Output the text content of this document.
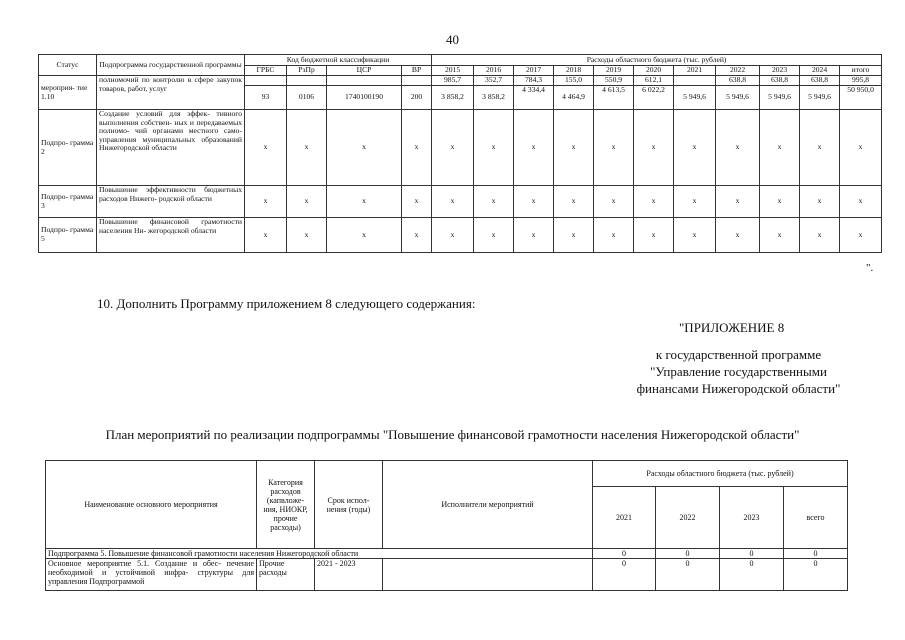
40
Статус	Подпрограмма государственной программы	Код бюджетной классификации				Расходы областного бюджета (тыс. рублей)										
		ГРБС	РзПр	ЦСР	ВР	2015	2016	2017	2018	2019	2020	2021	2022	2023	2024	итого
мероприя- тие 1.10	полномочий по контролю в сфере закупок товаров, работ, услуг					985,7	352,7	784,3	155,0	550,9	612,1		638,8	638,8	638,8	995,8
		93	0106	1740100190	200	3 858,2	3 858,2	4 334,4	4 464,9	4 613,5	6 022,2	5 949,6	5 949,6	5 949,6	5 949,6	50 950,0
Подпро- грамма 2	Создание условий для эффек- тивного выполнения собствен- ных и передаваемых полномо- чий органами местного само- управления муниципальных образований Нижегородской области	x	x	x	x	x	x	x	x	x	x	x	x	x	x	x
Подпро- грамма 3	Повышение эффективности бюджетных расходов Нижего- родской области	x	x	x	x	x	x	x	x	x	x	x	x	x	x	x
Подпро- грамма 5	Повышение финансовой грамотности населения Ни- жегородской области	x	x	x	x	x	x	x	x	x	x	x	x	x	x	x
".
10. Дополнить Программу приложением 8 следующего содержания:
"ПРИЛОЖЕНИЕ 8
к государственной программе
"Управление государственными
финансами Нижегородской области"
План мероприятий по реализации подпрограммы "Повышение финансовой грамотности населения Нижегородской области"
Наименование основного мероприятия	Категория расходов (капвложе- ния, НИОКР, прочие расходы)	Срок испол- нения (годы)	Исполнители мероприятий	Расходы областного бюджета (тыс. рублей)			
				2021	2022	2023	всего
Подпрограмма 5. Повышение финансовой грамотности населения Нижегородской области				0	0	0	0
Основное мероприятие 5.1. Создание и обес- печение необходимой и устойчивой инфра- структуры для управления Подпрограммой	Прочие расходы	2021 - 2023		0	0	0	0
